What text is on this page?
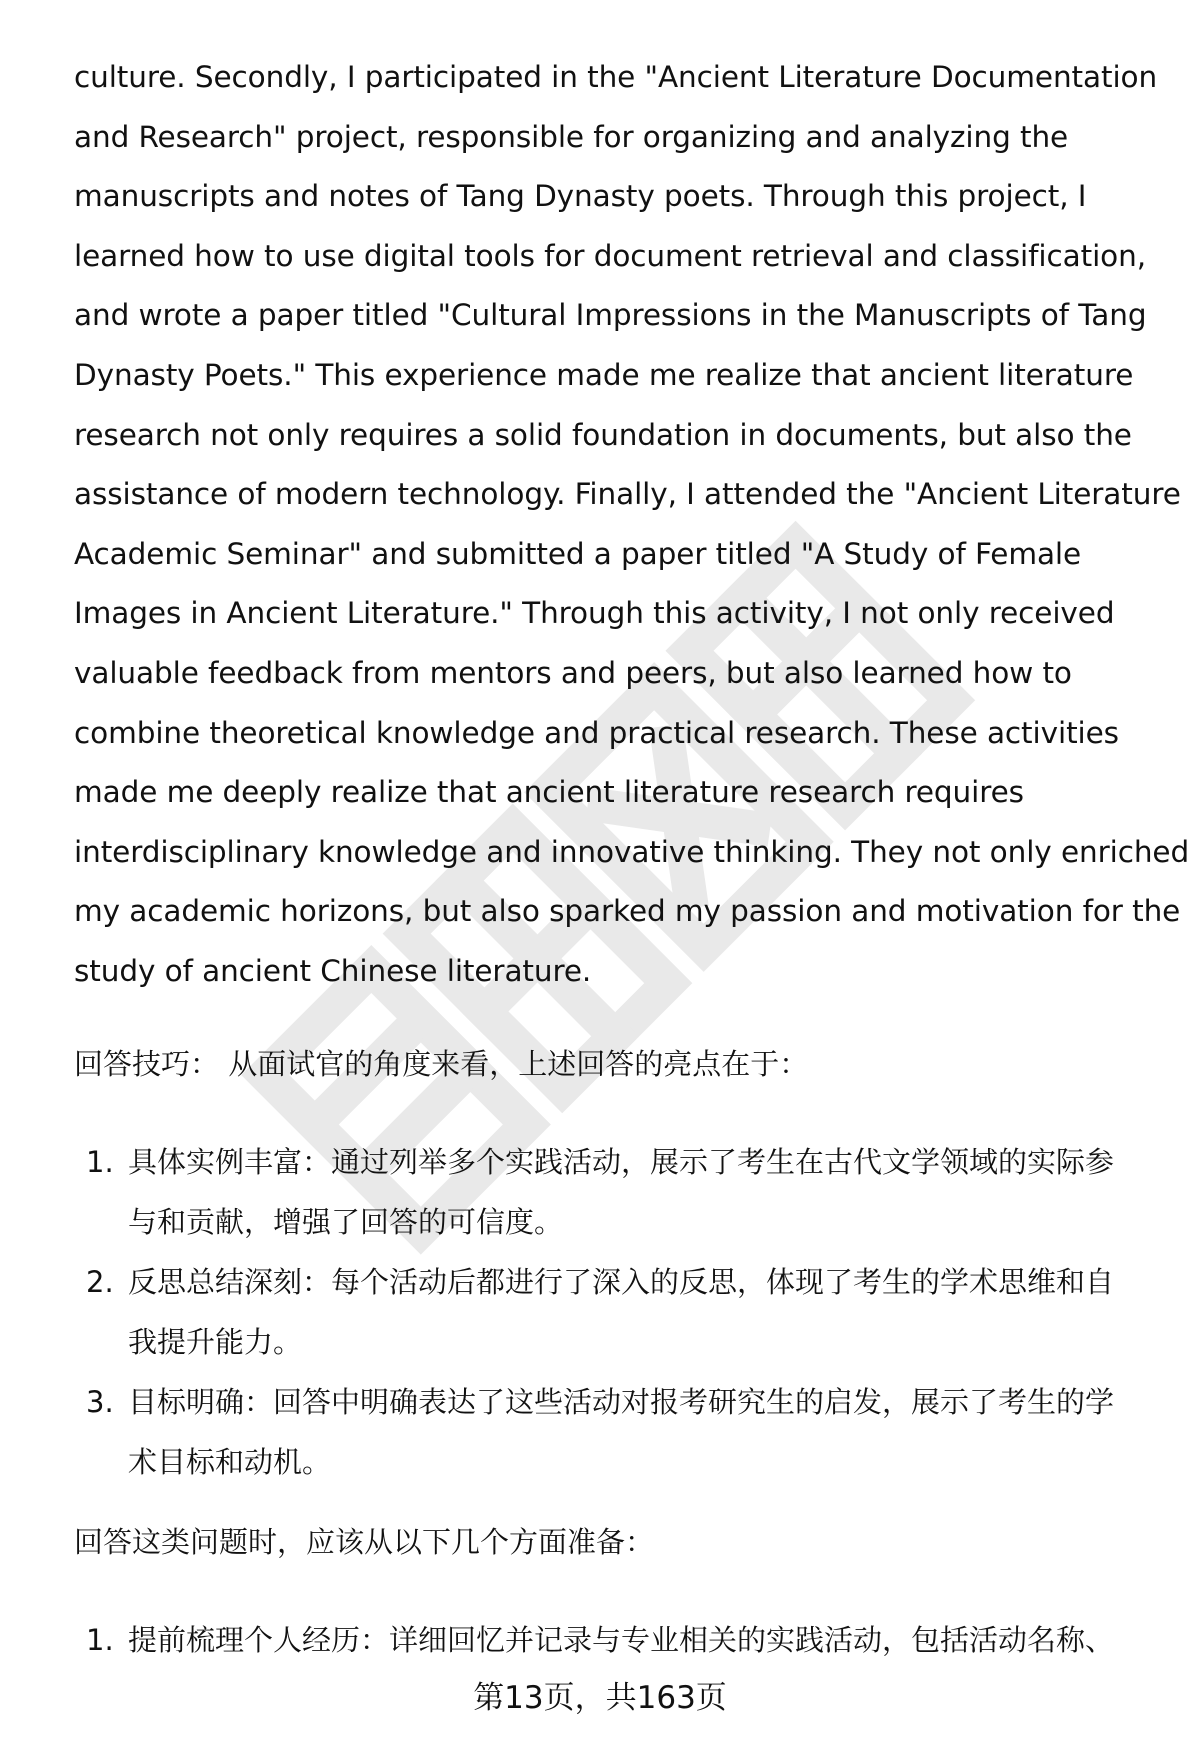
culture. Secondly, I participated in the "Ancient Literature Documentation
and Research" project, responsible for organizing and analyzing the
manuscripts and notes of Tang Dynasty poets. Through this project, I
learned how to use digital tools for document retrieval and classification,
and wrote a paper titled "Cultural Impressions in the Manuscripts of Tang
Dynasty Poets." This experience made me realize that ancient literature
research not only requires a solid foundation in documents, but also the
assistance of modern technology. Finally, I attended the "Ancient Literature
Academic Seminar" and submitted a paper titled "A Study of Female
Images in Ancient Literature." Through this activity, I not only received
valuable feedback from mentors and peers, but also learned how to
combine theoretical knowledge and practical research. These activities
made me deeply realize that ancient literature research requires
interdisciplinary knowledge and innovative thinking. They not only enriched
my academic horizons, but also sparked my passion and motivation for the
study of ancient Chinese literature.

回答技巧： 从面试官的角度来看，上述回答的亮点在于：

1. 具体实例丰富：通过列举多个实践活动，展示了考生在古代文学领域的实际参
与和贡献，增强了回答的可信度。
2. 反思总结深刻：每个活动后都进行了深入的反思，体现了考生的学术思维和自
我提升能力。
3. 目标明确：回答中明确表达了这些活动对报考研究生的启发，展示了考生的学
术目标和动机。

回答这类问题时，应该从以下几个方面准备：

1. 提前梳理个人经历：详细回忆并记录与专业相关的实践活动，包括活动名称、
第13页，共163页
